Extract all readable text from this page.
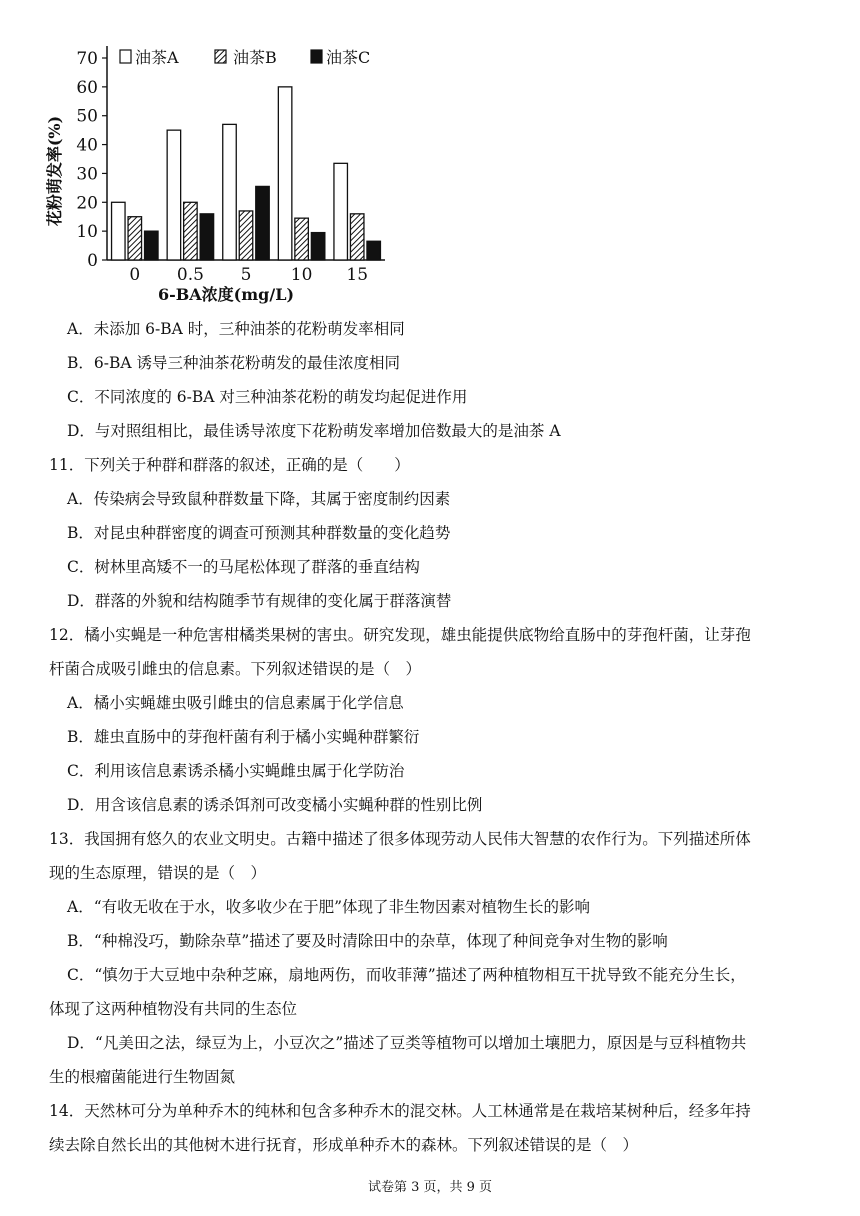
花粉萌发率(%)
0
10
20
30
40
50
60
70
0 0.5 5 10 15
6-BA浓度(mg/L)
油茶A	油茶B	油茶C
A．未添加 6-BA 时，三种油茶的花粉萌发率相同
B．6-BA 诱导三种油茶花粉萌发的最佳浓度相同
C．不同浓度的 6-BA 对三种油茶花粉的萌发均起促进作用
D．与对照组相比，最佳诱导浓度下花粉萌发率增加倍数最大的是油茶 A
11．下列关于种群和群落的叙述，正确的是（　　）
A．传染病会导致鼠种群数量下降，其属于密度制约因素
B．对昆虫种群密度的调查可预测其种群数量的变化趋势
C．树林里高矮不一的马尾松体现了群落的垂直结构
D．群落的外貌和结构随季节有规律的变化属于群落演替
12．橘小实蝇是一种危害柑橘类果树的害虫。研究发现，雄虫能提供底物给直肠中的芽孢杆菌，让芽孢
杆菌合成吸引雌虫的信息素。下列叙述错误的是（　）
A．橘小实蝇雄虫吸引雌虫的信息素属于化学信息
B．雄虫直肠中的芽孢杆菌有利于橘小实蝇种群繁衍
C．利用该信息素诱杀橘小实蝇雌虫属于化学防治
D．用含该信息素的诱杀饵剂可改变橘小实蝇种群的性别比例
13．我国拥有悠久的农业文明史。古籍中描述了很多体现劳动人民伟大智慧的农作行为。下列描述所体
现的生态原理，错误的是（　）
A．“有收无收在于水，收多收少在于肥”体现了非生物因素对植物生长的影响
B．“种棉没巧，勤除杂草”描述了要及时清除田中的杂草，体现了种间竞争对生物的影响
C．“慎勿于大豆地中杂种芝麻，扇地两伤，而收菲薄”描述了两种植物相互干扰导致不能充分生长，
体现了这两种植物没有共同的生态位
D．“凡美田之法，绿豆为上，小豆次之”描述了豆类等植物可以增加土壤肥力，原因是与豆科植物共
生的根瘤菌能进行生物固氮
14．天然林可分为单种乔木的纯林和包含多种乔木的混交林。人工林通常是在栽培某树种后，经多年持
续去除自然长出的其他树木进行抚育，形成单种乔木的森林。下列叙述错误的是（　）
试卷第 3 页，共 9 页
